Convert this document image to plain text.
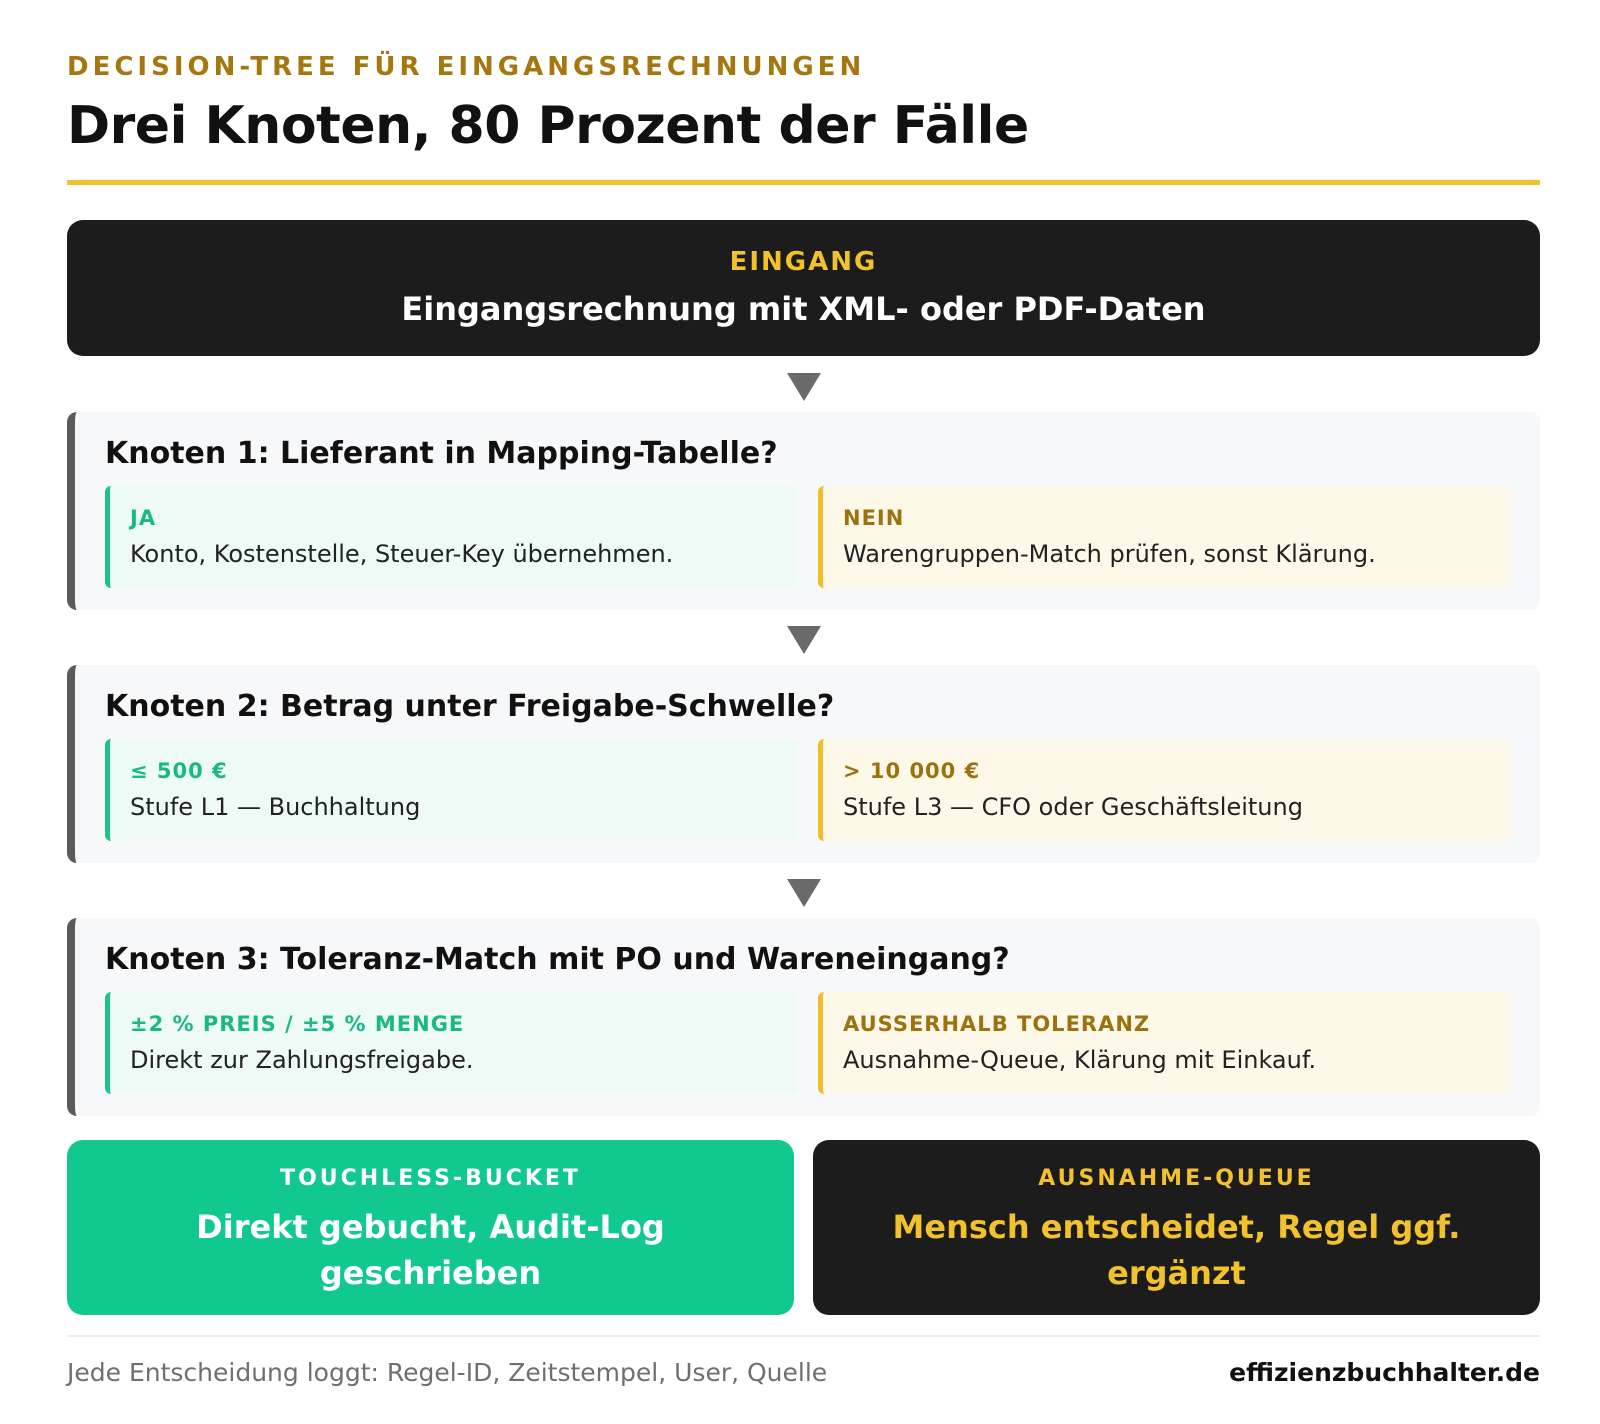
DECISION-TREE FÜR EINGANGSRECHNUNGEN
Drei Knoten, 80 Prozent der Fälle
EINGANG
Eingangsrechnung mit XML- oder PDF-Daten
Knoten 1: Lieferant in Mapping-Tabelle?
JA
Konto, Kostenstelle, Steuer-Key übernehmen.
NEIN
Warengruppen-Match prüfen, sonst Klärung.
Knoten 2: Betrag unter Freigabe-Schwelle?
≤ 500 €
Stufe L1 — Buchhaltung
> 10 000 €
Stufe L3 — CFO oder Geschäftsleitung
Knoten 3: Toleranz-Match mit PO und Wareneingang?
±2 % PREIS / ±5 % MENGE
Direkt zur Zahlungsfreigabe.
AUSSERHALB TOLERANZ
Ausnahme-Queue, Klärung mit Einkauf.
TOUCHLESS-BUCKET
Direkt gebucht, Audit-Log geschrieben
AUSNAHME-QUEUE
Mensch entscheidet, Regel ggf. ergänzt
Jede Entscheidung loggt: Regel-ID, Zeitstempel, User, Quelle	effizienzbuchhalter.de
